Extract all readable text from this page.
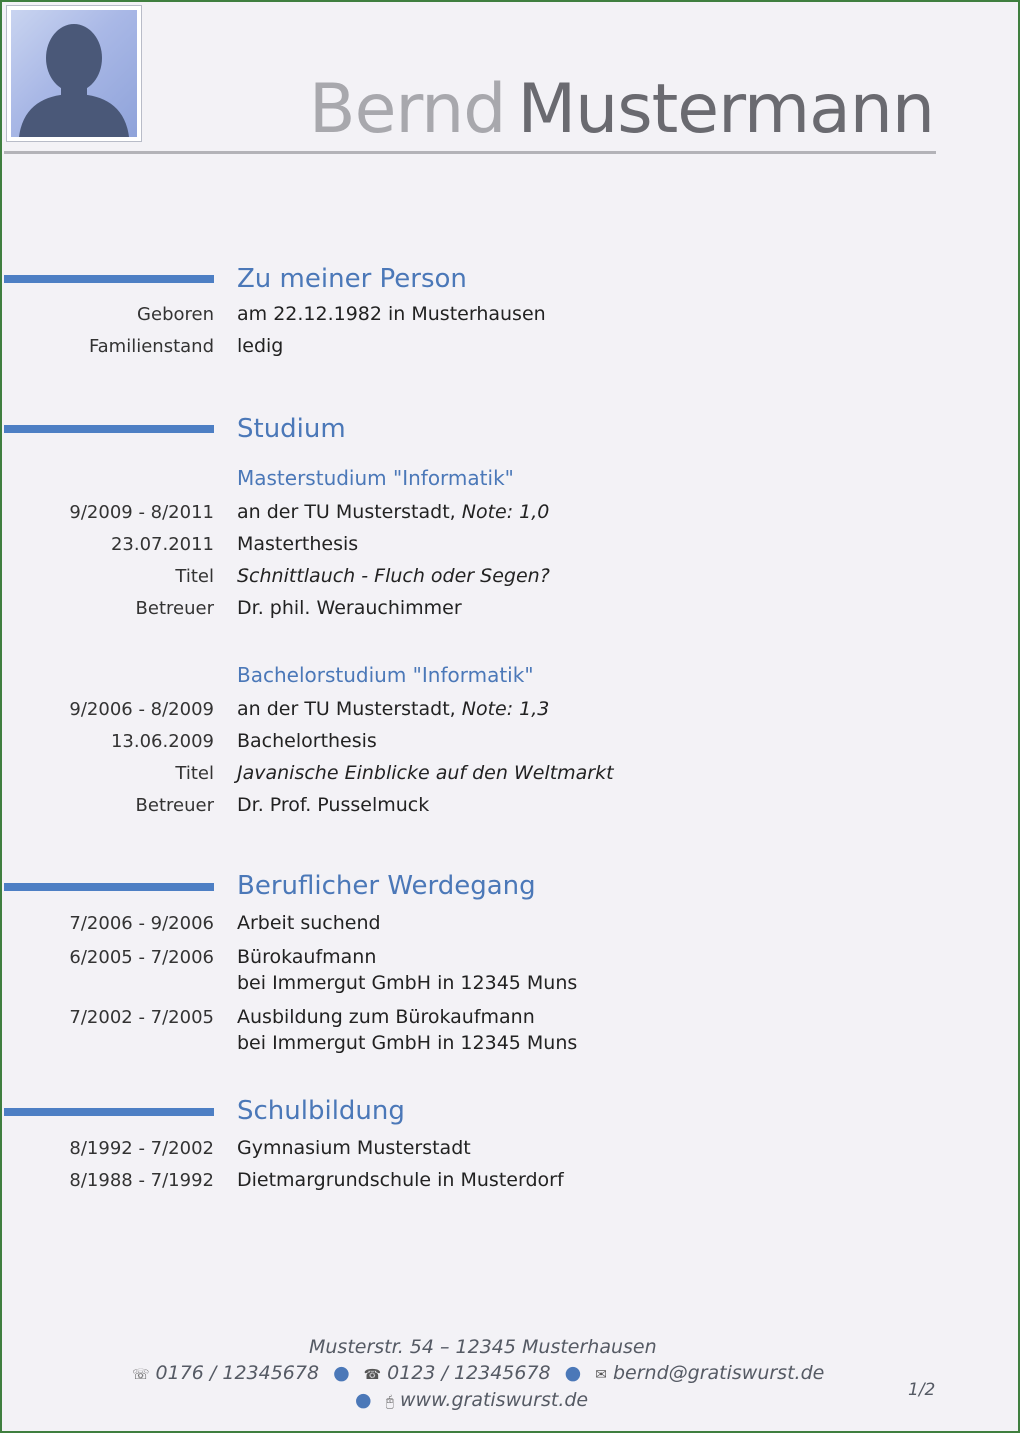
Bernd Mustermann
Zu meiner Person
Geboren am 22.12.1982 in Musterhausen
Familienstand ledig
Studium
Masterstudium "Informatik"
9/2009 - 8/2011 an der TU Musterstadt, Note: 1,0
23.07.2011 Masterthesis
Titel Schnittlauch - Fluch oder Segen?
Betreuer Dr. phil. Werauchimmer
Bachelorstudium "Informatik"
9/2006 - 8/2009 an der TU Musterstadt, Note: 1,3
13.06.2009 Bachelorthesis
Titel Javanische Einblicke auf den Weltmarkt
Betreuer Dr. Prof. Pusselmuck
Beruflicher Werdegang
7/2006 - 9/2006 Arbeit suchend
6/2005 - 7/2006 Bürokaufmann
bei Immergut GmbH in 12345 Muns
7/2002 - 7/2005 Ausbildung zum Bürokaufmann
bei Immergut GmbH in 12345 Muns
Schulbildung
8/1992 - 7/2002 Gymnasium Musterstadt
8/1988 - 7/1992 Dietmargrundschule in Musterdorf
Musterstr. 54 – 12345 Musterhausen
☏ 0176 / 12345678 ● ☎ 0123 / 12345678 ● ✉ bernd@gratiswurst.de
● 🖰 www.gratiswurst.de	1/2
